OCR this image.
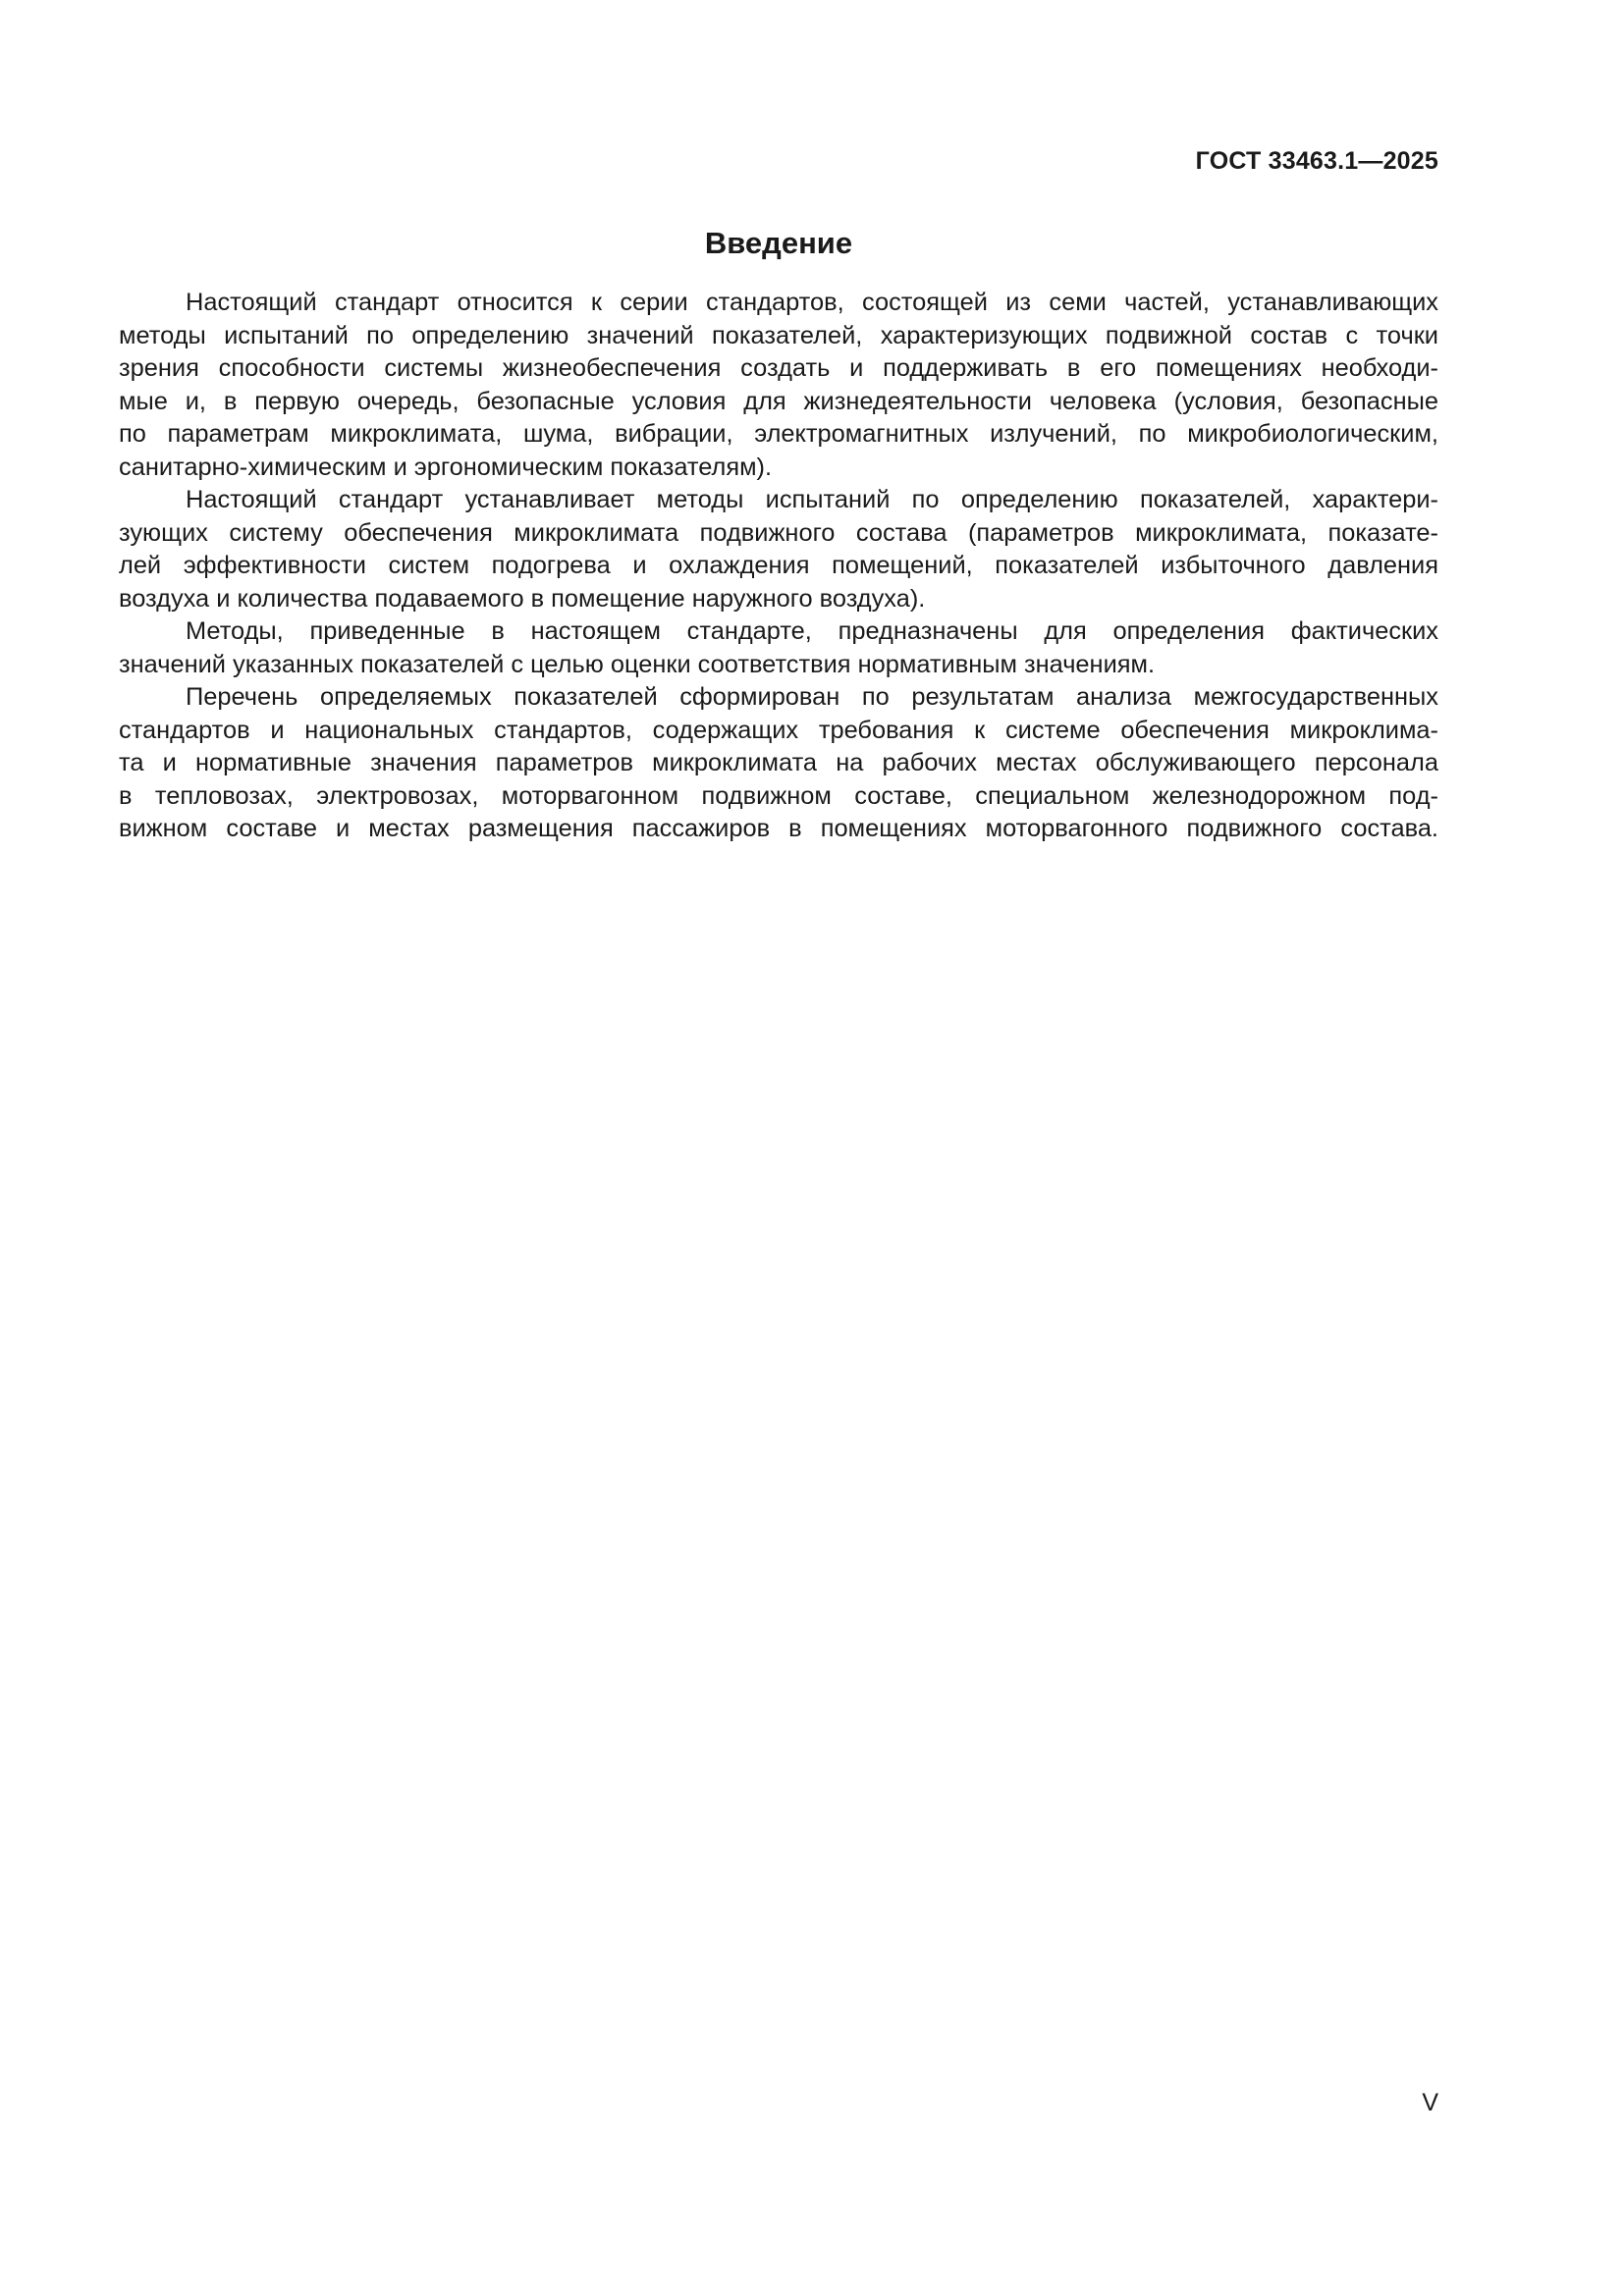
ГОСТ 33463.1—2025
Введение
Настоящий стандарт относится к серии стандартов, состоящей из семи частей, устанавливающих
методы испытаний по определению значений показателей, характеризующих подвижной состав с точки
зрения способности системы жизнеобеспечения создать и поддерживать в его помещениях необходи-
мые и, в первую очередь, безопасные условия для жизнедеятельности человека (условия, безопасные
по параметрам микроклимата, шума, вибрации, электромагнитных излучений, по микробиологическим,
санитарно-химическим и эргономическим показателям).
Настоящий стандарт устанавливает методы испытаний по определению показателей, характери-
зующих систему обеспечения микроклимата подвижного состава (параметров микроклимата, показате-
лей эффективности систем подогрева и охлаждения помещений, показателей избыточного давления
воздуха и количества подаваемого в помещение наружного воздуха).
Методы, приведенные в настоящем стандарте, предназначены для определения фактических
значений указанных показателей с целью оценки соответствия нормативным значениям.
Перечень определяемых показателей сформирован по результатам анализа межгосударственных
стандартов и национальных стандартов, содержащих требования к системе обеспечения микроклима-
та и нормативные значения параметров микроклимата на рабочих местах обслуживающего персонала
в тепловозах, электровозах, моторвагонном подвижном составе, специальном железнодорожном под-
вижном составе и местах размещения пассажиров в помещениях моторвагонного подвижного состава.
V
